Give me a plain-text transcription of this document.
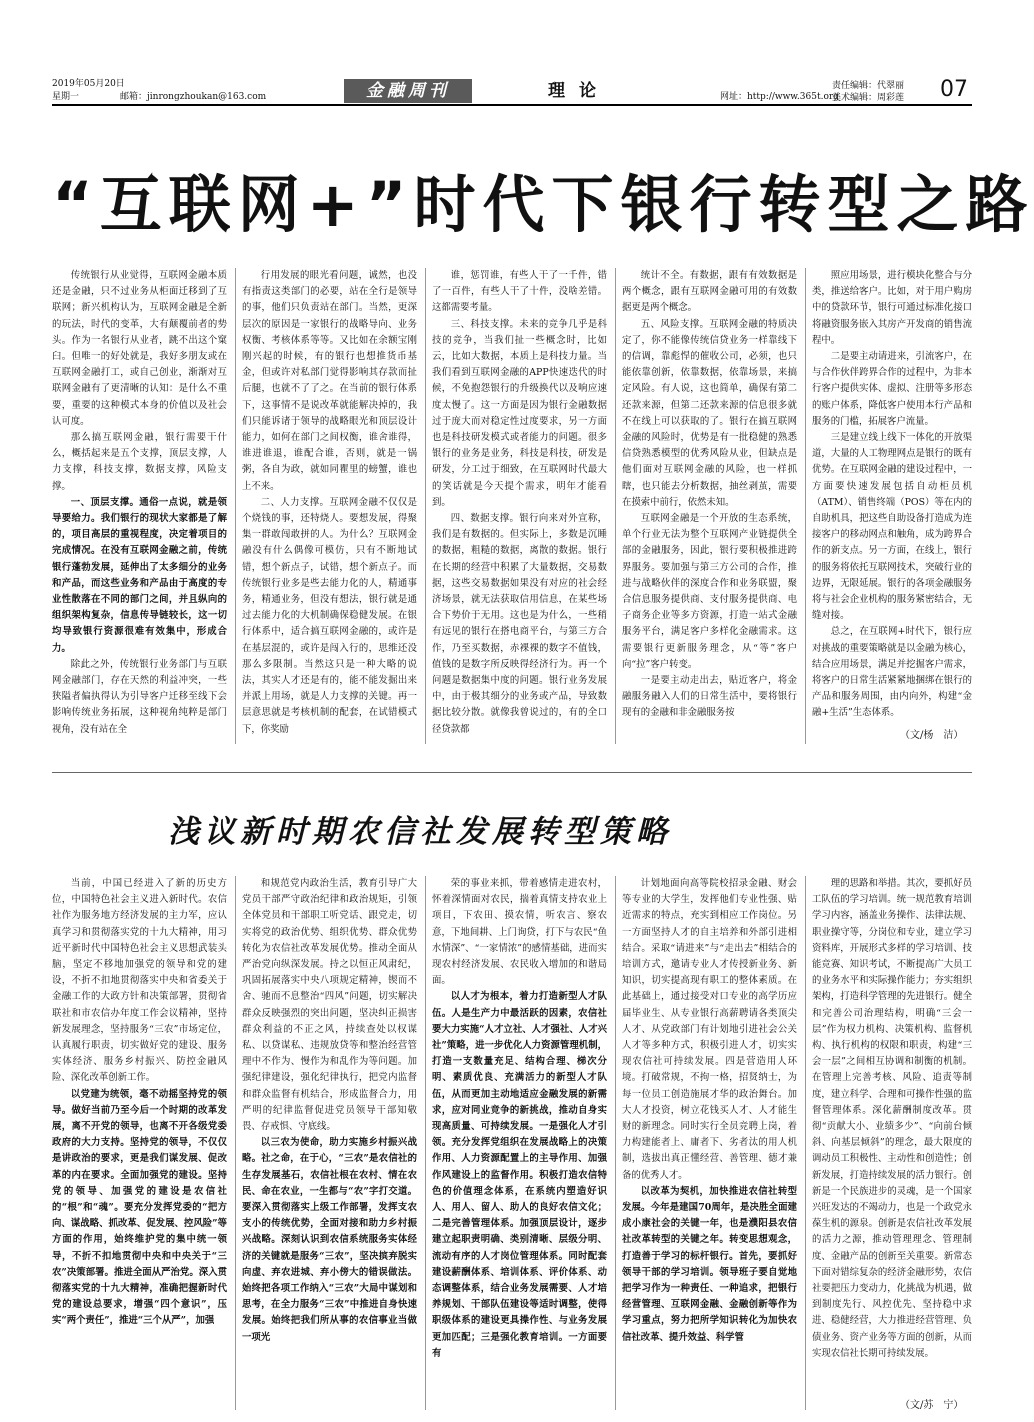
2019年05月20日
星期一	邮箱：jinrongzhoukan@163.com	金融周刊	理论	网址：http://www.365t.org
责任编辑：代翠丽
美术编辑：周彩莲 07
“互联网+”时代下银行转型之路

传统银行从业觉得，互联网金融本质还是金融，只不过业务从柜面迁移到了互联网；新兴机构认为，互联网金融是全新的玩法，时代的变革，大有颠覆前者的势头。作为一名银行从业者，跳不出这个窠臼。但唯一的好处就是，我好多朋友或在互联网金融打工，或自己创业，渐渐对互联网金融有了更清晰的认知：是什么不重要，重要的这种模式本身的价值以及社会认可度。

那么搞互联网金融，银行需要干什么，概括起来是五个支撑，顶层支撑，人力支撑，科技支撑，数据支撑，风险支撑。

一、顶层支撑。通俗一点说，就是领导要给力。我们银行的现状大家都是了解的，项目高层的重视程度，决定着项目的完成情况。在没有互联网金融之前，传统银行蓬勃发展，延伸出了太多细分的业务和产品，而这些业务和产品由于高度的专业性散落在不同的部门之间，并且纵向的组织架构复杂，信息传导链较长，这一切均导致银行资源很难有效集中，形成合力。

除此之外，传统银行业务部门与互联网金融部门，存在天然的利益冲突，一些狭隘者偏执得认为引导客户迁移至线下会影响传统业务拓展，这种视角纯粹是部门视角，没有站在全

行用发展的眼光看问题，诚然，也没有指责这类部门的必要，站在全行是领导的事，他们只负责站在部门。当然，更深层次的原因是一家银行的战略导向、业务权衡、考核体系等等。又比如在余额宝刚刚兴起的时候，有的银行也想推货币基金，但或许对私部门觉得影响其存款而扯后腿，也就不了了之。在当前的银行体系下，这事情不是说改革就能解决掉的，我们只能诉诸于领导的战略眼光和顶层设计能力，如何在部门之间权衡，谁舍谁得，谁进谁退，谁配合谁，否则，就是一锅粥，各自为政，就如同瞿里的螃蟹，谁也上不来。

二、人力支撑。互联网金融不仅仅是个烧钱的事，还特烧人。要想发展，得聚集一群敢闯敢拼的人。为什么？互联网金融没有什么偶像可模仿，只有不断地试错，想个新点子，试错，想个新点子。而传统银行业多是些去能力化的人，精通事务，精通业务，但没有想法，银行就是通过去能力化的大机制确保稳健发展。在银行体系中，适合搞互联网金融的，或许是在基层混的，或许是闯入行的，思维还没那么多限制。当然这只是一种大略的说法，其实人才还是有的，能不能发掘出来并派上用场，就是人力支撑的关键。再一层意思就是考核机制的配套，在试错模式下，你奖励

谁，惩罚谁，有些人干了一千件，错了一百件，有些人干了十件，没啥差错。这都需要考量。

三、科技支撑。未来的竞争几乎是科技的竞争，当我们扯一些概念时，比如云，比如大数据，本质上是科技力量。当我们看到互联网金融的APP快速迭代的时候，不免抱怨银行的升级换代以及响应速度太慢了。这一方面是因为银行金融数据过于庞大而对稳定性过度要求，另一方面也是科技研发模式或者能力的问题。很多银行的业务是业务，科技是科技，研发是研发，分工过于细致，在互联网时代最大的笑话就是今天提个需求，明年才能看到。

四、数据支撑。银行向来对外宣称，我们是有数据的。但实际上，多数是沉睡的数据，粗糙的数据，离散的数据。银行在长期的经营中积累了大量数据，交易数据，这些交易数据如果没有对应的社会经济场景，就无法获取信用信息，在某些场合下势价于无用。这也是为什么，一些稍有远见的银行在搭电商平台，与第三方合作，乃至买数据，赤裸裸的数字不值钱，值钱的是数字所反映得经济行为。再一个问题是数据集中度的问题。银行业务发展中，由于极其细分的业务或产品，导致数据比较分散。就像我曾说过的，有的全口径贷款都

统计不全。有数据，跟有有效数据是两个概念，跟有互联网金融可用的有效数据更是两个概念。

五、风险支撑。互联网金融的特质决定了，你不能像传统信贷业务一样靠线下的信调，靠彪悍的催收公司，必须，也只能依靠创新，依靠数据，依靠场景，来搞定风险。有人说，这也简单，确保有第二还款来源，但第二还款来源的信息很多就不在线上可以获取的了。银行在搞互联网金融的风险时，优势是有一批稳健的熟悉信贷熟悉模型的优秀风险从业，但缺点是他们面对互联网金融的风险，也一样抓瞎，也只能去分析数据，抽丝剥茧，需要在摸索中前行，依然未知。

互联网金融是一个开放的生态系统，单个行业无法为整个互联网产业链提供全部的金融服务，因此，银行要积极推进跨界服务。要加强与第三方公司的合作，推进与战略伙伴的深度合作和业务联盟，聚合信息服务提供商、支付服务提供商、电子商务企业等多方资源，打造一站式金融服务平台，满足客户多样化金融需求。这需要银行更新服务理念，从“等”客户向“拉”客户转变。

一是要主动走出去，贴近客户，将金融服务融入人们的日常生活中，要将银行现有的金融和非金融服务按

照应用场景，进行模块化整合与分类，推送给客户。比如，对于用户购房中的贷款环节，银行可通过标准化接口将融资服务嵌入其房产开发商的销售流程中。

二是要主动请进来，引流客户，在与合作伙伴跨界合作的过程中，为非本行客户提供实体、虚拟、注册等多形态的账户体系，降低客户使用本行产品和服务的门槛，拓展客户流量。

三是建立线上线下一体化的开放渠道，大量的人工物理网点是银行的既有优势。在互联网金融的建设过程中，一方面要快速发展包括自动柜员机（ATM）、销售终端（POS）等在内的自助机具，把这些自助设备打造成为连接客户的移动网点和触角，成为跨界合作的新支点。另一方面，在线上，银行的服务将依托互联网技术，突破行业的边界，无限延展。银行的各项金融服务将与社会企业机构的服务紧密结合，无缝对接。

总之，在互联网+时代下，银行应对挑战的重要策略就是以金融为核心，结合应用场景，满足并挖掘客户需求，将客户的日常生活紧紧地捆绑在银行的产品和服务周围，由内向外，构建“金融+生活”生态体系。

（文/杨　洁）
浅议新时期农信社发展转型策略

当前，中国已经进入了新的历史方位，中国特色社会主义进入新时代。农信社作为服务地方经济发展的主力军，应认真学习和贯彻落实党的十九大精神，用习近平新时代中国特色社会主义思想武装头脑，坚定不移地加强党的领导和党的建设，不折不扣地贯彻落实中央和省委关于金融工作的大政方针和决策部署，贯彻省联社和市农信办年度工作会议精神，坚持新发展理念，坚持服务“三农”市场定位，认真履行职责，切实做好党的建设、服务实体经济、服务乡村振兴、防控金融风险、深化改革创新工作。

以党建为统领，毫不动摇坚持党的领导。做好当前乃至今后一个时期的改革发展，离不开党的领导，也离不开各级党委政府的大力支持。坚持党的领导，不仅仅是讲政治的要求，更是我们谋发展、促改革的内在要求。全面加强党的建设。坚持党的领导、加强党的建设是农信社的“根”和“魂”。要充分发挥党委的“把方向、谋战略、抓改革、促发展、控风险”等方面的作用，始终维护党的集中统一领导，不折不扣地贯彻中央和中央关于“三农”决策部署。推进全面从严治党。深入贯彻落实党的十九大精神，准确把握新时代党的建设总要求，增强“四个意识”，压实“两个责任”，推进“三个从严”，加强

和规范党内政治生活，教育引导广大党员干部严守政治纪律和政治规矩，引领全体党员和干部职工听党话、跟党走，切实将党的政治优势、组织优势、群众优势转化为农信社改革发展优势。推动全面从严治党向纵深发展。持之以恒正风肃纪，巩固拓展落实中央八项规定精神，锲而不舍、驰而不息整治“四风”问题，切实解决群众反映强烈的突出问题，坚决纠正损害群众利益的不正之风，持续查处以权谋私、以贷谋私、违规放贷等和整治经营管理中不作为、慢作为和乱作为等问题。加强纪律建设，强化纪律执行，把党内监督和群众监督有机结合，形成监督合力，用严明的纪律监督促进党员领导干部知敬畏、存戒惧、守底线。

以三农为使命，助力实施乡村振兴战略。社之命，在于心，“三农”是农信社的生存发展基石，农信社根在农村、情在农民、命在农业，一生都与“农”字打交道。要深入贯彻落实上级工作部署，发挥支农支小的传统优势，全面对接和助力乡村振兴战略。深刻认识到农信系统服务实体经济的关键就是服务“三农”，坚决摈弃脱实向虚、弃农进城、弃小傍大的错误做法。始终把各项工作纳入“三农”大局中谋划和思考，在全力服务“三农”中推进自身快速发展。始终把我们所从事的农信事业当做一项光

荣的事业来抓，带着感情走进农村，怀着深情面对农民，揣着真情支持农业上项目，下农田、摸农情，听农言、察农意，下地间耕、上门询贷，打下与农民“鱼水情深”、“一家情浓”的感情基础，进而实现农村经济发展、农民收入增加的和谐局面。

以人才为根本，着力打造新型人才队伍。人是生产力中最活跃的因素，农信社要大力实施“人才立社、人才强社、人才兴社”策略，进一步优化人力资源管理机制，打造一支数量充足、结构合理、梯次分明、素质优良、充满活力的新型人才队伍，从而更加主动地适应金融发展的新需求，应对同业竞争的新挑战，推动自身实现高质量、可持续发展。一是强化人才引领。充分发挥党组织在发展战略上的决策作用、人力资源配置上的主导作用、加强作风建设上的监督作用。积极打造农信特色的价值理念体系，在系统内塑造好识人、用人、留人、助人的良好农信文化；二是完善管理体系。加强顶层设计，逐步建立起职责明确、类别清晰、层级分明、流动有序的人才岗位管理体系。同时配套建设薪酬体系、培训体系、评价体系、动态调整体系，结合业务发展需要、人才培养规划、干部队伍建设等适时调整，使得职级体系的建设更具操作性、与业务发展更加匹配；三是强化教育培训。一方面要有

计划地面向高等院校招录金融、财会等专业的大学生，发挥他们专业性强、贴近需求的特点，充实到相应工作岗位。另一方面坚持人才的自主培养和外部引进相结合。采取“请进来”与“走出去”相结合的培训方式，邀请专业人才传授新业务、新知识，切实提高现有职工的整体素质。在此基础上，通过接受对口专业的高学历应届毕业生、从专业银行高薪聘请各类顶尖人才、从党政部门有计划地引进社会公关人才等多种方式，积极引进人才，切实实现农信社可持续发展。四是营造用人环境。打破常规，不拘一格，招贤纳士，为每一位员工创造施展才华的政治舞台。加大人才投资，树立花钱买人才、人才能生财的新理念。同时实行全员竞聘上岗，着力构建能者上、庸者下、劣者汰的用人机制，选拔出真正懂经营、善管理、德才兼备的优秀人才。

以改革为契机，加快推进农信社转型发展。今年是建国70周年，是决胜全面建成小康社会的关键一年，也是濮阳县农信社改革转型的关键之年。转变思想观念，打造善于学习的标杆银行。首先，要抓好领导干部的学习培训。领导班子要自觉地把学习作为一种责任、一种追求，把银行经营管理、互联网金融、金融创新等作为学习重点，努力把所学知识转化为加快农信社改革、提升效益、科学管

理的思路和举措。其次，要抓好员工队伍的学习培训。统一规范教育培训学习内容，涵盖业务操作、法律法规、职业操守等，分岗位和专业，建立学习资料库，开展形式多样的学习培训、技能竞赛、知识考试，不断提高广大员工的业务水平和实际操作能力；夯实组织架构，打造科学管理的先进银行。健全和完善公司治理结构，明确“三会一层”作为权力机构、决策机构、监督机构、执行机构的权限和职责，构建“三会一层”之间相互协调和制衡的机制。在管理上完善考核、风险、追责等制度，建立科学、合理和可操作性强的监督管理体系。深化薪酬制度改革。贯彻“贡献大小、业绩多少”、“向前台倾斜、向基层倾斜”的理念，最大限度的调动员工积极性、主动性和创造性；创新发展，打造持续发展的活力银行。创新是一个民族进步的灵魂，是一个国家兴旺发达的不竭动力，也是一个政党永葆生机的源泉。创新是农信社改革发展的活力之源，推动管理理念、管理制度、金融产品的创新至关重要。新常态下面对错综复杂的经济金融形势，农信社要把压力变动力，化挑战为机遇，做到制度先行、风控优先、坚持稳中求进、稳健经营，大力推进经营管理、负债业务、资产业务等方面的创新，从而实现农信社长期可持续发展。

（文/苏　宁）
